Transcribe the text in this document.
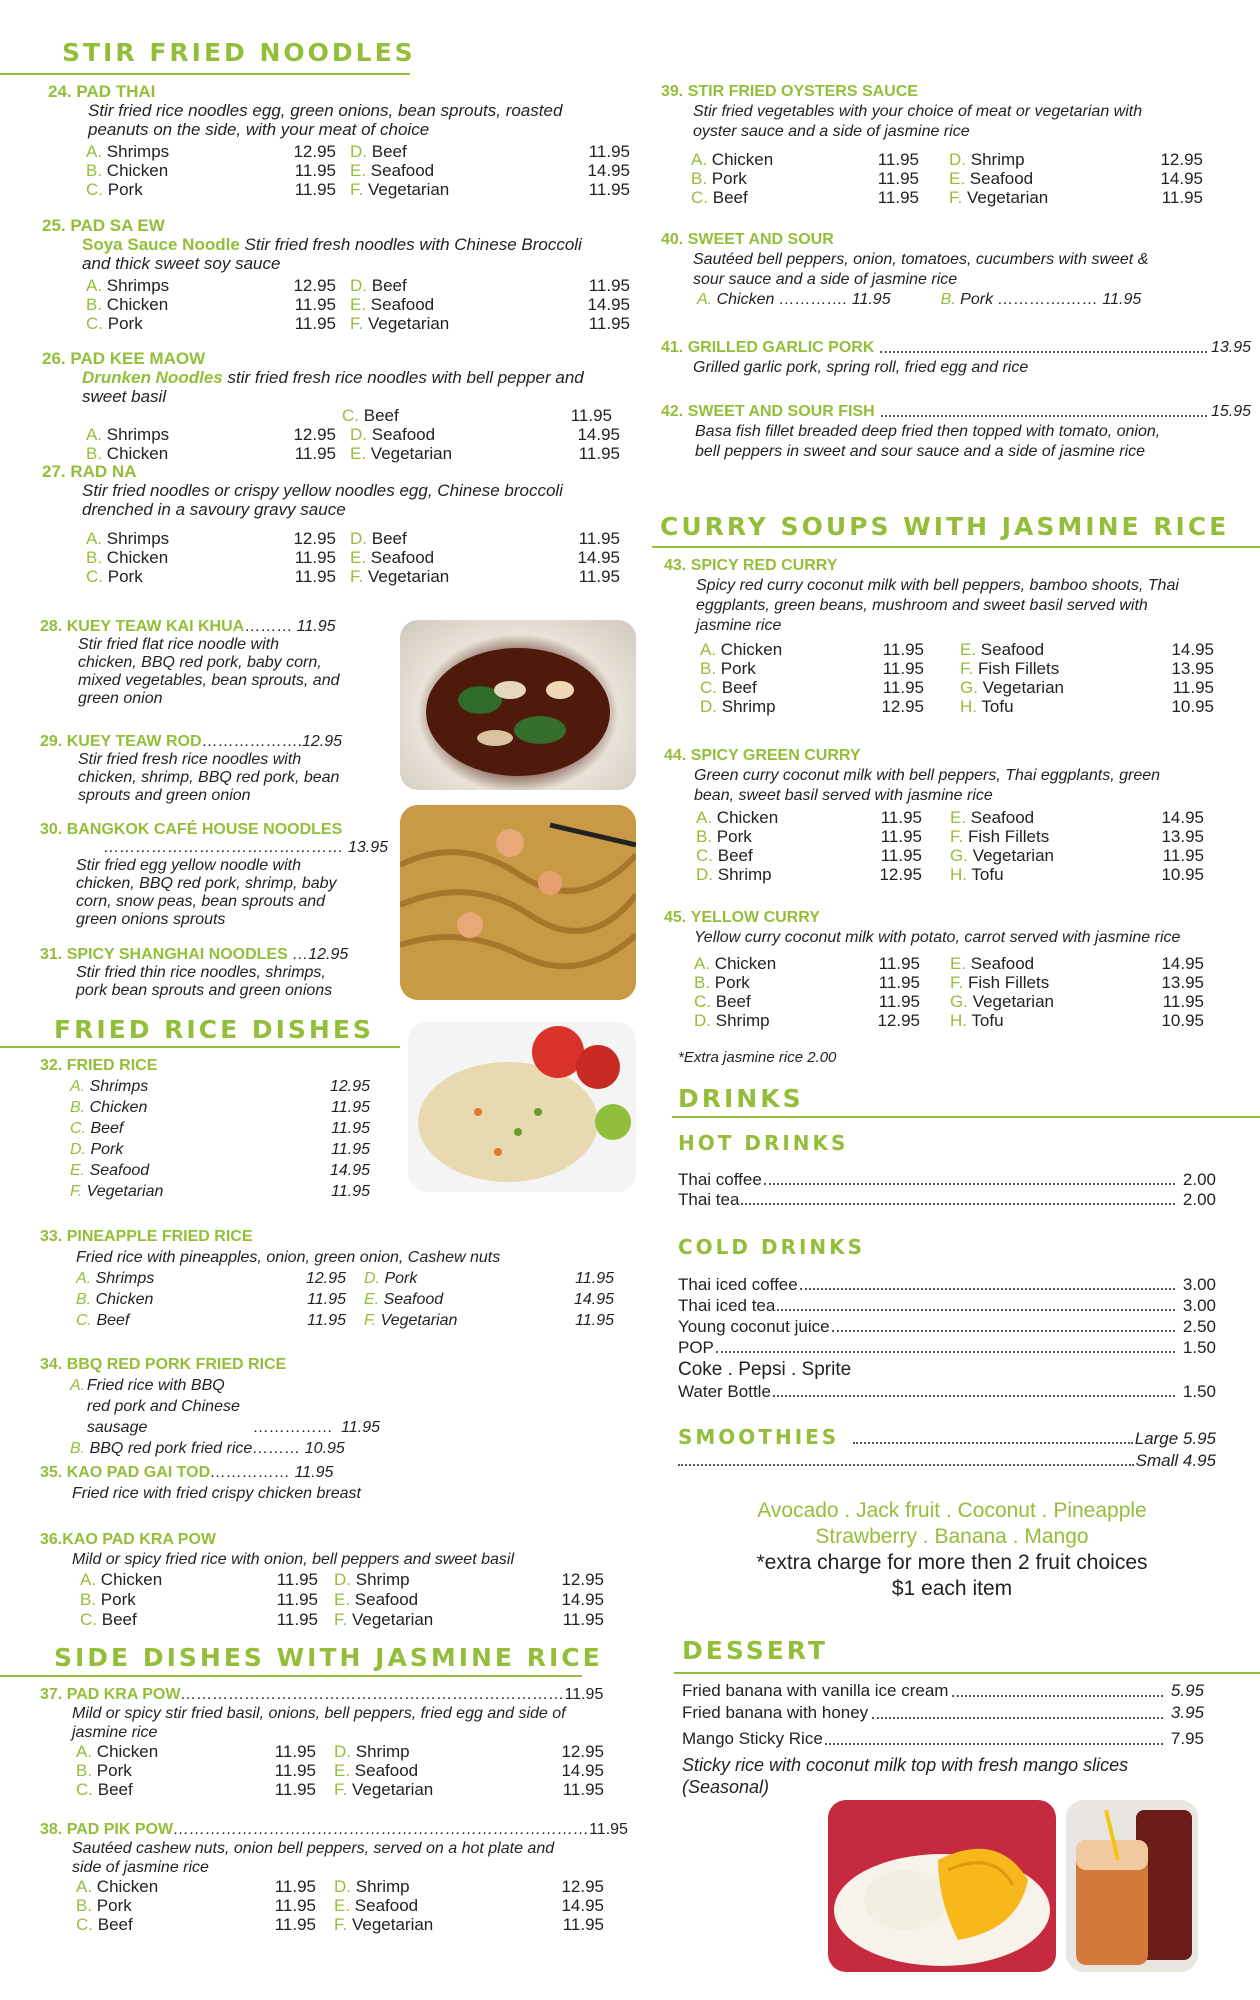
STIR FRIED NOODLES
24. PAD THAI
Stir fried rice noodles egg, green onions, bean sprouts, roasted peanuts on the side, with your meat of choice
A. Shrimps	12.95 D. Beef	11.95
B. Chicken	11.95 E. Seafood	14.95
C. Pork	11.95 F. Vegetarian	11.95
25. PAD SA EW
Soya Sauce Noodle Stir fried fresh noodles with Chinese Broccoli and thick sweet soy sauce
A. Shrimps	12.95 D. Beef	11.95
B. Chicken	11.95 E. Seafood	14.95
C. Pork	11.95 F. Vegetarian	11.95
26. PAD KEE MAOW
Drunken Noodles stir fried fresh rice noodles with bell pepper and sweet basil
C. Beef	11.95
A. Shrimps	12.95 D. Seafood	14.95
B. Chicken	11.95 E. Vegetarian	11.95
27. RAD NA
Stir fried noodles or crispy yellow noodles egg, Chinese broccoli drenched in a savoury gravy sauce
A. Shrimps	12.95 D. Beef	11.95
B. Chicken	11.95 E. Seafood	14.95
C. Pork	11.95 F. Vegetarian	11.95
28. KUEY TEAW KAI KHUA……… 11.95
Stir fried flat rice noodle with chicken, BBQ red pork, baby corn, mixed vegetables, bean sprouts, and green onion
29. KUEY TEAW ROD……………….12.95
Stir fried fresh rice noodles with chicken, shrimp, BBQ red pork, bean sprouts and green onion
30. BANGKOK CAFÉ HOUSE NOODLES
……………………………………… 13.95
Stir fried egg yellow noodle with chicken, BBQ red pork, shrimp, baby corn, snow peas, bean sprouts and green onions sprouts
31. SPICY SHANGHAI NOODLES …12.95
Stir fried thin rice noodles, shrimps, pork bean sprouts and green onions
FRIED RICE DISHES
32. FRIED RICE
A. Shrimps	12.95
B. Chicken	11.95
C. Beef	11.95
D. Pork	11.95
E. Seafood	14.95
F. Vegetarian	11.95
33. PINEAPPLE FRIED RICE
Fried rice with pineapples, onion, green onion, Cashew nuts
A. Shrimps	12.95 D. Pork	11.95
B. Chicken	11.95 E. Seafood	14.95
C. Beef	11.95 F. Vegetarian	11.95
34. BBQ RED PORK FRIED RICE
A. Fried rice with BBQ red pork and Chinese sausage	…………… 11.95
B. BBQ red pork fried rice……… 10.95
35. KAO PAD GAI TOD…………… 11.95
Fried rice with fried crispy chicken breast
36.KAO PAD KRA POW
Mild or spicy fried rice with onion, bell peppers and sweet basil
A. Chicken	11.95 D. Shrimp	12.95
B. Pork	11.95 E. Seafood	14.95
C. Beef	11.95 F. Vegetarian	11.95
SIDE DISHES WITH JASMINE RICE
37. PAD KRA POW………………………………………………………………11.95
Mild or spicy stir fried basil, onions, bell peppers, fried egg and side of jasmine rice
A. Chicken	11.95 D. Shrimp	12.95
B. Pork	11.95 E. Seafood	14.95
C. Beef	11.95 F. Vegetarian	11.95
38. PAD PIK POW……………………………………………………………………11.95
Sautéed cashew nuts, onion bell peppers, served on a hot plate and side of jasmine rice
A. Chicken	11.95 D. Shrimp	12.95
B. Pork	11.95 E. Seafood	14.95
C. Beef	11.95 F. Vegetarian	11.95
39. STIR FRIED OYSTERS SAUCE
Stir fried vegetables with your choice of meat or vegetarian with oyster sauce and a side of jasmine rice
A. Chicken	11.95 D. Shrimp	12.95
B. Pork	11.95 E. Seafood	14.95
C. Beef	11.95 F. Vegetarian	11.95
40. SWEET AND SOUR
Sautéed bell peppers, onion, tomatoes, cucumbers with sweet & sour sauce and a side of jasmine rice
A. Chicken …………. 11.95	B. Pork ………….…… 11.95
41.
GRILLED GARLIC PORK	13.95
Grilled garlic pork, spring roll, fried egg and rice
42.
SWEET AND SOUR FISH	15.95
Basa fish fillet breaded deep fried then topped with tomato, onion, bell peppers in sweet and sour sauce and a side of jasmine rice
CURRY SOUPS WITH JASMINE RICE
43. SPICY RED CURRY
Spicy red curry coconut milk with bell peppers, bamboo shoots, Thai eggplants, green beans, mushroom and sweet basil served with jasmine rice
A. Chicken	11.95 E. Seafood	14.95
B. Pork	11.95 F. Fish Fillets	13.95
C. Beef	11.95 G. Vegetarian	11.95
D. Shrimp	12.95 H. Tofu	10.95
44. SPICY GREEN CURRY
Green curry coconut milk with bell peppers, Thai eggplants, green bean, sweet basil served with jasmine rice
A. Chicken	11.95 E. Seafood	14.95
B. Pork	11.95 F. Fish Fillets	13.95
C. Beef	11.95 G. Vegetarian	11.95
D. Shrimp	12.95 H. Tofu	10.95
45. YELLOW CURRY
Yellow curry coconut milk with potato, carrot served with jasmine rice
A. Chicken	11.95 E. Seafood	14.95
B. Pork	11.95 F. Fish Fillets	13.95
C. Beef	11.95 G. Vegetarian	11.95
D. Shrimp	12.95 H. Tofu	10.95
*Extra jasmine rice 2.00
DRINKS
HOT DRINKS
Thai coffee	2.00
Thai tea	2.00
COLD DRINKS
Thai iced coffee	3.00
Thai iced tea	3.00
Young coconut juice	2.50
POP	1.50
Coke . Pepsi . Sprite
Water Bottle	1.50
SMOOTHIES	Large 5.95
Small 4.95
Avocado . Jack fruit . Coconut . Pineapple
Strawberry . Banana . Mango
*extra charge for more then 2 fruit choices
$1 each item
DESSERT
Fried banana with vanilla ice cream	5.95
Fried banana with honey	3.95
Mango Sticky Rice	7.95
Sticky rice with coconut milk top with fresh mango slices
(Seasonal)
